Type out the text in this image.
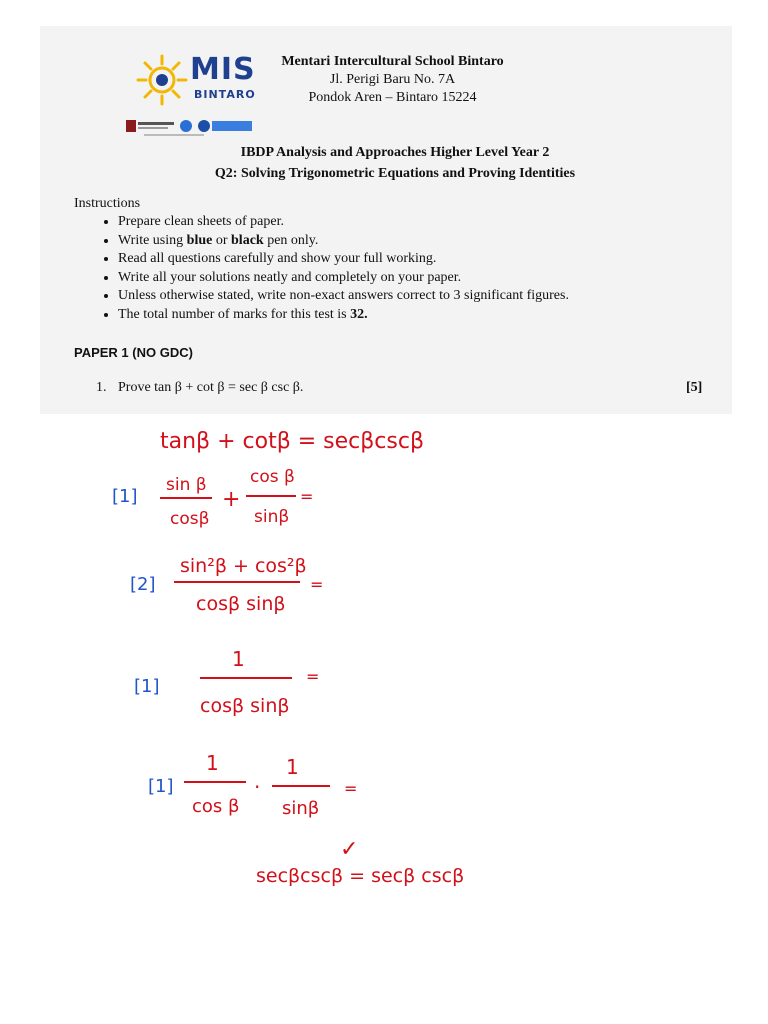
MIS
BINTARO
Mentari Intercultural School Bintaro
Jl. Perigi Baru No. 7A
Pondok Aren – Bintaro 15224
IBDP Analysis and Approaches Higher Level Year 2
Q2: Solving Trigonometric Equations and Proving Identities
Instructions
• Prepare clean sheets of paper.
• Write using blue or black pen only.
• Read all questions carefully and show your full working.
• Write all your solutions neatly and completely on your paper.
• Unless otherwise stated, write non-exact answers correct to 3 significant figures.
• The total number of marks for this test is 32.
PAPER 1 (NO GDC)
1. Prove tan β + cot β = sec β csc β.	[5]
tanβ + cotβ = secβcscβ
[1]
sin β
cosβ
+
cos β
sinβ
=
[2]
sin²β + cos²β
cosβ sinβ
=
[1]
1
cosβ sinβ
=
[1]
1
cos β
·
1
sinβ
=
✓
secβcscβ = secβ cscβ
